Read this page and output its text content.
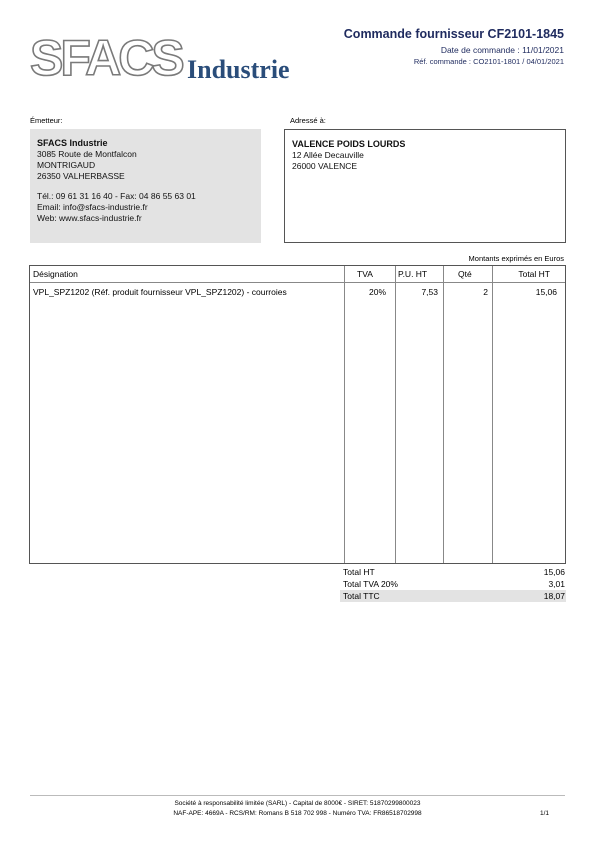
SFACS Industrie
Commande fournisseur CF2101-1845
Date de commande : 11/01/2021
Réf. commande : CO2101-1801 / 04/01/2021
Émetteur:
SFACS Industrie
3085 Route de Montfalcon
MONTRIGAUD
26350 VALHERBASSE
Tél.: 09 61 31 16 40 - Fax: 04 86 55 63 01
Email: info@sfacs-industrie.fr
Web: www.sfacs-industrie.fr
Adressé à:
VALENCE POIDS LOURDS
12 Allée Decauville
26000 VALENCE
Montants exprimés en Euros
Désignation	TVA	P.U. HT	Qté	Total HT
VPL_SPZ1202 (Réf. produit fournisseur VPL_SPZ1202) - courroies	20%	7,53	2	15,06
Total HT	15,06
Total TVA 20%	3,01
Total TTC	18,07
Société à responsabilité limitée (SARL) - Capital de 8000€ - SIRET: 51870299800023
NAF-APE: 4669A - RCS/RM: Romans B 518 702 998 - Numéro TVA: FR86518702998	1/1
